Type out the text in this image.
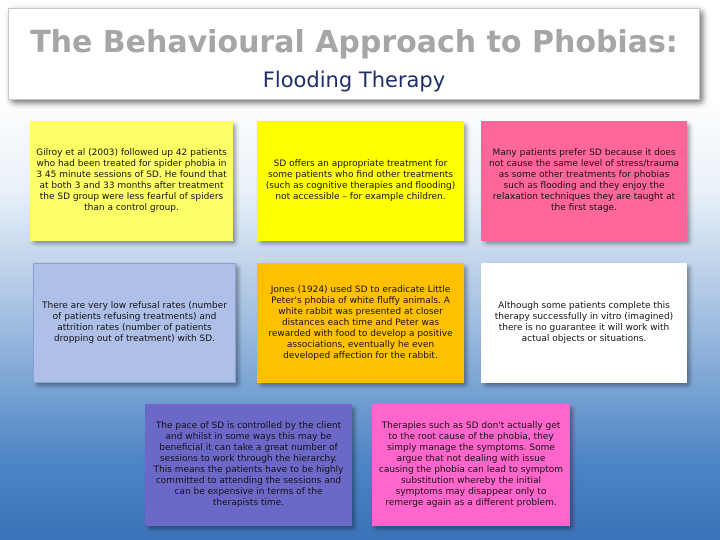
The Behavioural Approach to Phobias:
Flooding Therapy
Gilroy et al (2003) followed up 42 patients who had been treated for spider phobia in 3 45 minute sessions of SD. He found that at both 3 and 33 months after treatment the SD group were less fearful of spiders than a control group.
SD offers an appropriate treatment for some patients who find other treatments (such as cognitive therapies and flooding) not accessible – for example children.
Many patients prefer SD because it does not cause the same level of stress/trauma as some other treatments for phobias such as flooding and they enjoy the relaxation techniques they are taught at the first stage.
There are very low refusal rates (number of patients refusing treatments) and attrition rates (number of patients dropping out of treatment) with SD.
Jones (1924) used SD to eradicate Little Peter's phobia of white fluffy animals. A white rabbit was presented at closer distances each time and Peter was rewarded with food to develop a positive associations, eventually he even developed affection for the rabbit.
Although some patients complete this therapy successfully in vitro (imagined) there is no guarantee it will work with actual objects or situations.
The pace of SD is controlled by the client and whilst in some ways this may be beneficial it can take a great number of sessions to work through the hierarchy. This means the patients have to be highly committed to attending the sessions and can be expensive in terms of the therapists time.
Therapies such as SD don't actually get to the root cause of the phobia, they simply manage the symptoms. Some argue that not dealing with issue causing the phobia can lead to symptom substitution whereby the initial symptoms may disappear only to remerge again as a different problem.
